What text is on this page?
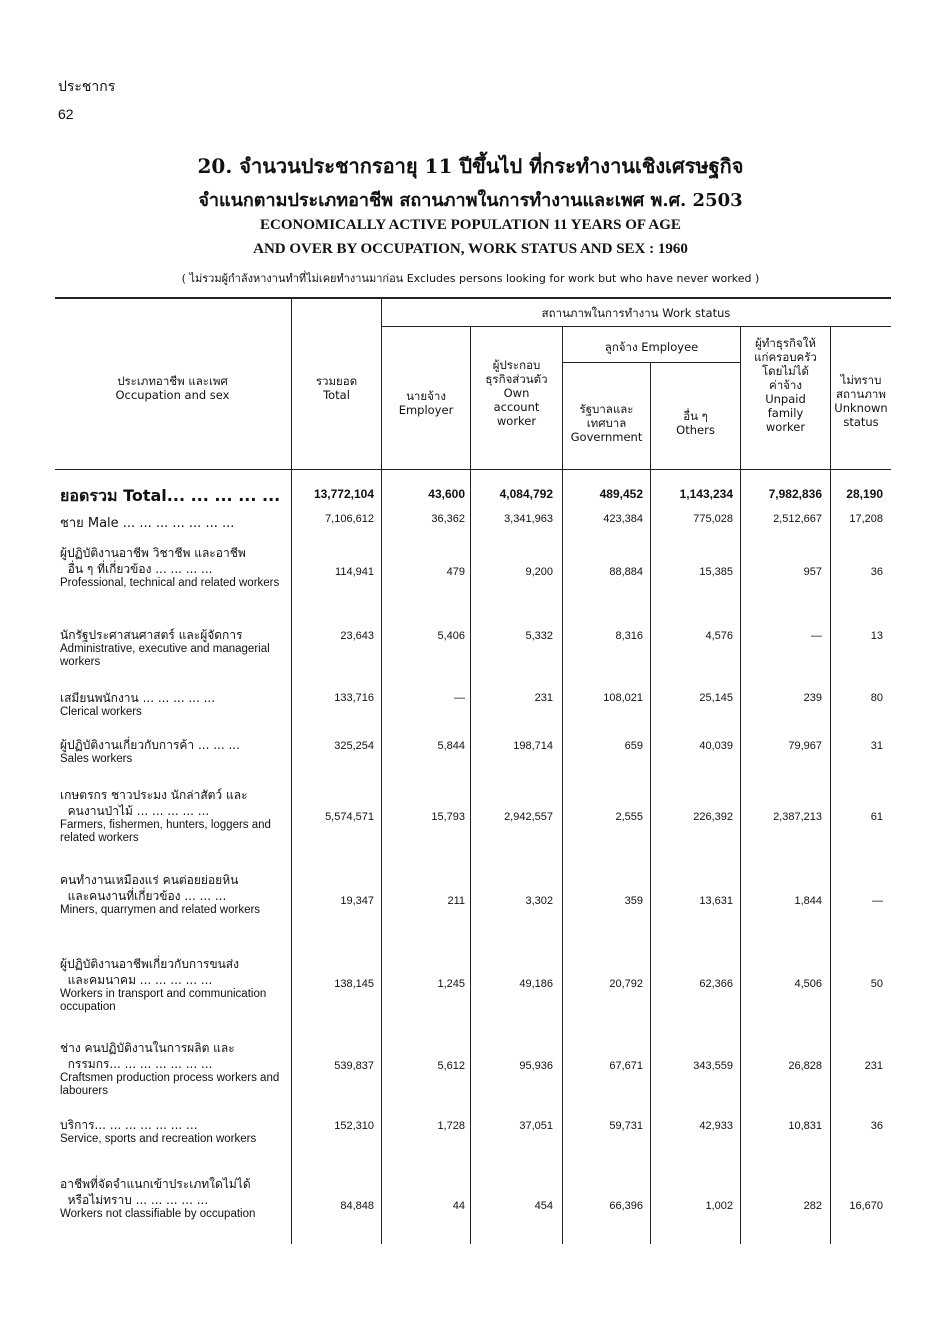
ประชากร
62
20. จำนวนประชากรอายุ 11 ปีขึ้นไป ที่กระทำงานเชิงเศรษฐกิจ
จำแนกตามประเภทอาชีพ สถานภาพในการทำงานและเพศ พ.ศ. 2503
ECONOMICALLY ACTIVE POPULATION 11 YEARS OF AGE
AND OVER BY OCCUPATION, WORK STATUS AND SEX : 1960
( ไม่รวมผู้กำลังหางานทำที่ไม่เคยทำงานมาก่อน Excludes persons looking for work but who have never worked )
ประเภทอาชีพ และเพศ
Occupation and sex
รวมยอด
Total
สถานภาพในการทำงาน Work status
นายจ้าง
Employer
ผู้ประกอบ
ธุรกิจส่วนตัว
Own
account
worker
ลูกจ้าง Employee
รัฐบาลและ
เทศบาล
Government
อื่น ๆ
Others
ผู้ทำธุรกิจให้
แก่ครอบครัว
โดยไม่ได้
ค่าจ้าง
Unpaid
family
worker
ไม่ทราบ
สถานภาพ
Unknown
status
ยอดรวม Total... ... ... ... ...	13,772,104	43,600	4,084,792	489,452	1,143,234	7,982,836	28,190
ชาย Male ... ... ... ... ... ... ...	7,106,612	36,362	3,341,963	423,384	775,028	2,512,667	17,208
ผู้ปฏิบัติงานอาชีพ วิชาชีพ และอาชีพ
อื่น ๆ ที่เกี่ยวข้อง ... ... ... ...
Professional, technical and related workers
114,941	479	9,200	88,884	15,385	957	36
นักรัฐประศาสนศาสตร์ และผู้จัดการ
Administrative, executive and managerial workers
23,643	5,406	5,332	8,316	4,576	—	13
เสมียนพนักงาน ... ... ... ... ...
Clerical workers
133,716	—	231	108,021	25,145	239	80
ผู้ปฏิบัติงานเกี่ยวกับการค้า ... ... ...
Sales workers
325,254	5,844	198,714	659	40,039	79,967	31
เกษตรกร ชาวประมง นักล่าสัตว์ และ
คนงานป่าไม้ ... ... ... ... ...
Farmers, fishermen, hunters, loggers and related workers
5,574,571	15,793	2,942,557	2,555	226,392	2,387,213	61
คนทำงานเหมืองแร่ คนต่อยย่อยหิน
และคนงานที่เกี่ยวข้อง ... ... ...
Miners, quarrymen and related workers
19,347	211	3,302	359	13,631	1,844	—
ผู้ปฏิบัติงานอาชีพเกี่ยวกับการขนส่ง
และคมนาคม ... ... ... ... ...
Workers in transport and communication occupation
138,145	1,245	49,186	20,792	62,366	4,506	50
ช่าง คนปฏิบัติงานในการผลิต และ
กรรมกร... ... ... ... ... ... ...
Craftsmen production process workers and labourers
539,837	5,612	95,936	67,671	343,559	26,828	231
บริการ... ... ... ... ... ... ...
Service, sports and recreation workers
152,310	1,728	37,051	59,731	42,933	10,831	36
อาชีพที่จัดจำแนกเข้าประเภทใดไม่ได้
หรือไม่ทราบ ... ... ... ... ...
Workers not classifiable by occupation
84,848	44	454	66,396	1,002	282	16,670
